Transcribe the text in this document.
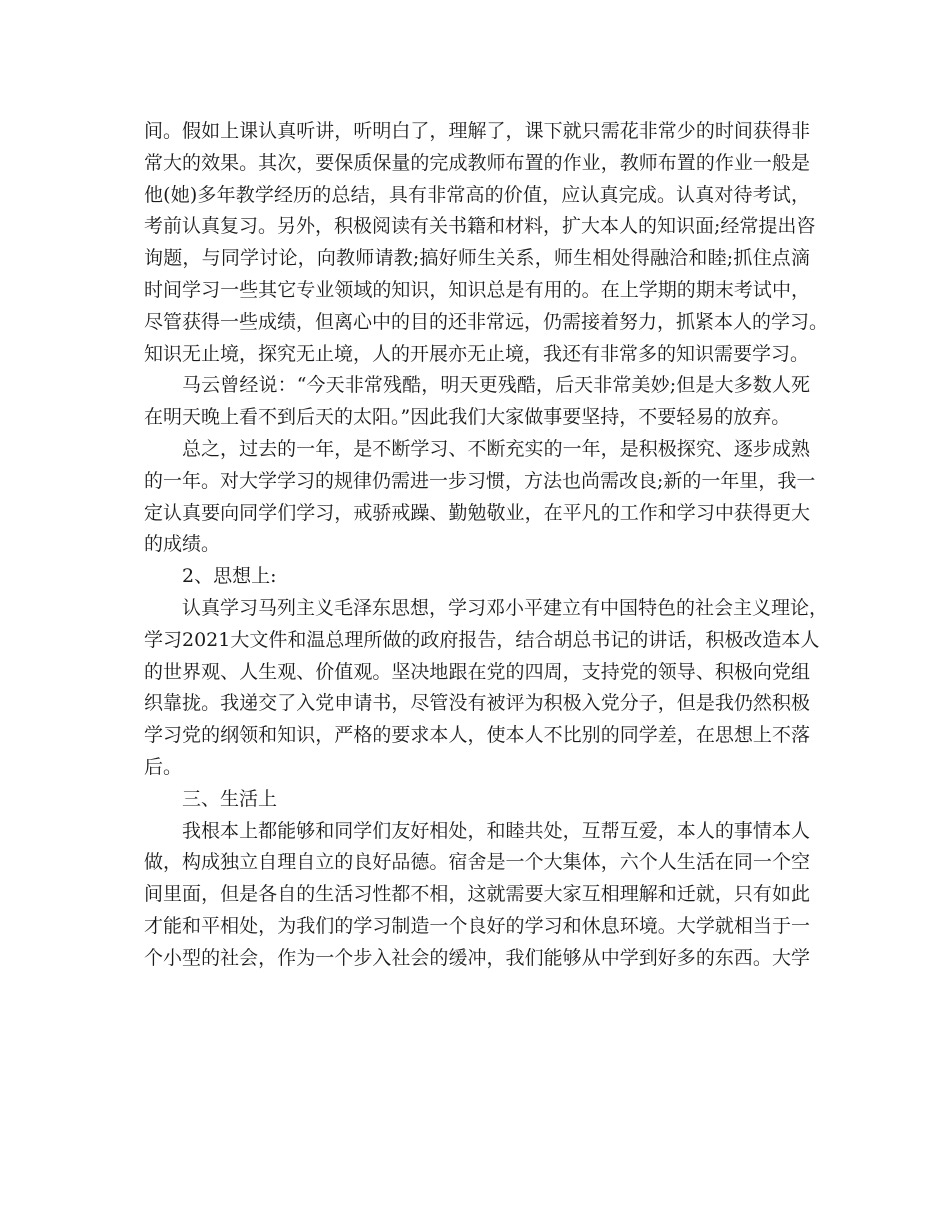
间。假如上课认真听讲，听明白了，理解了，课下就只需花非常少的时间获得非
常大的效果。其次，要保质保量的完成教师布置的作业，教师布置的作业一般是
他(她)多年教学经历的总结，具有非常高的价值，应认真完成。认真对待考试，
考前认真复习。另外，积极阅读有关书籍和材料，扩大本人的知识面;经常提出咨
询题，与同学讨论，向教师请教;搞好师生关系，师生相处得融洽和睦;抓住点滴
时间学习一些其它专业领域的知识，知识总是有用的。在上学期的期末考试中，
尽管获得一些成绩，但离心中的目的还非常远，仍需接着努力，抓紧本人的学习。
知识无止境，探究无止境，人的开展亦无止境，我还有非常多的知识需要学习。
马云曾经说：“今天非常残酷，明天更残酷，后天非常美妙;但是大多数人死
在明天晚上看不到后天的太阳。”因此我们大家做事要坚持，不要轻易的放弃。
总之，过去的一年，是不断学习、不断充实的一年，是积极探究、逐步成熟
的一年。对大学学习的规律仍需进一步习惯，方法也尚需改良;新的一年里，我一
定认真要向同学们学习，戒骄戒躁、勤勉敬业，在平凡的工作和学习中获得更大
的成绩。
2、思想上:
认真学习马列主义毛泽东思想，学习邓小平建立有中国特色的社会主义理论，
学习2021大文件和温总理所做的政府报告，结合胡总书记的讲话，积极改造本人
的世界观、人生观、价值观。坚决地跟在党的四周，支持党的领导、积极向党组
织靠拢。我递交了入党申请书，尽管没有被评为积极入党分子，但是我仍然积极
学习党的纲领和知识，严格的要求本人，使本人不比别的同学差，在思想上不落
后。
三、生活上
我根本上都能够和同学们友好相处，和睦共处，互帮互爱，本人的事情本人
做，构成独立自理自立的良好品德。宿舍是一个大集体，六个人生活在同一个空
间里面，但是各自的生活习性都不相，这就需要大家互相理解和迁就，只有如此
才能和平相处，为我们的学习制造一个良好的学习和休息环境。大学就相当于一
个小型的社会，作为一个步入社会的缓冲，我们能够从中学到好多的东西。大学
